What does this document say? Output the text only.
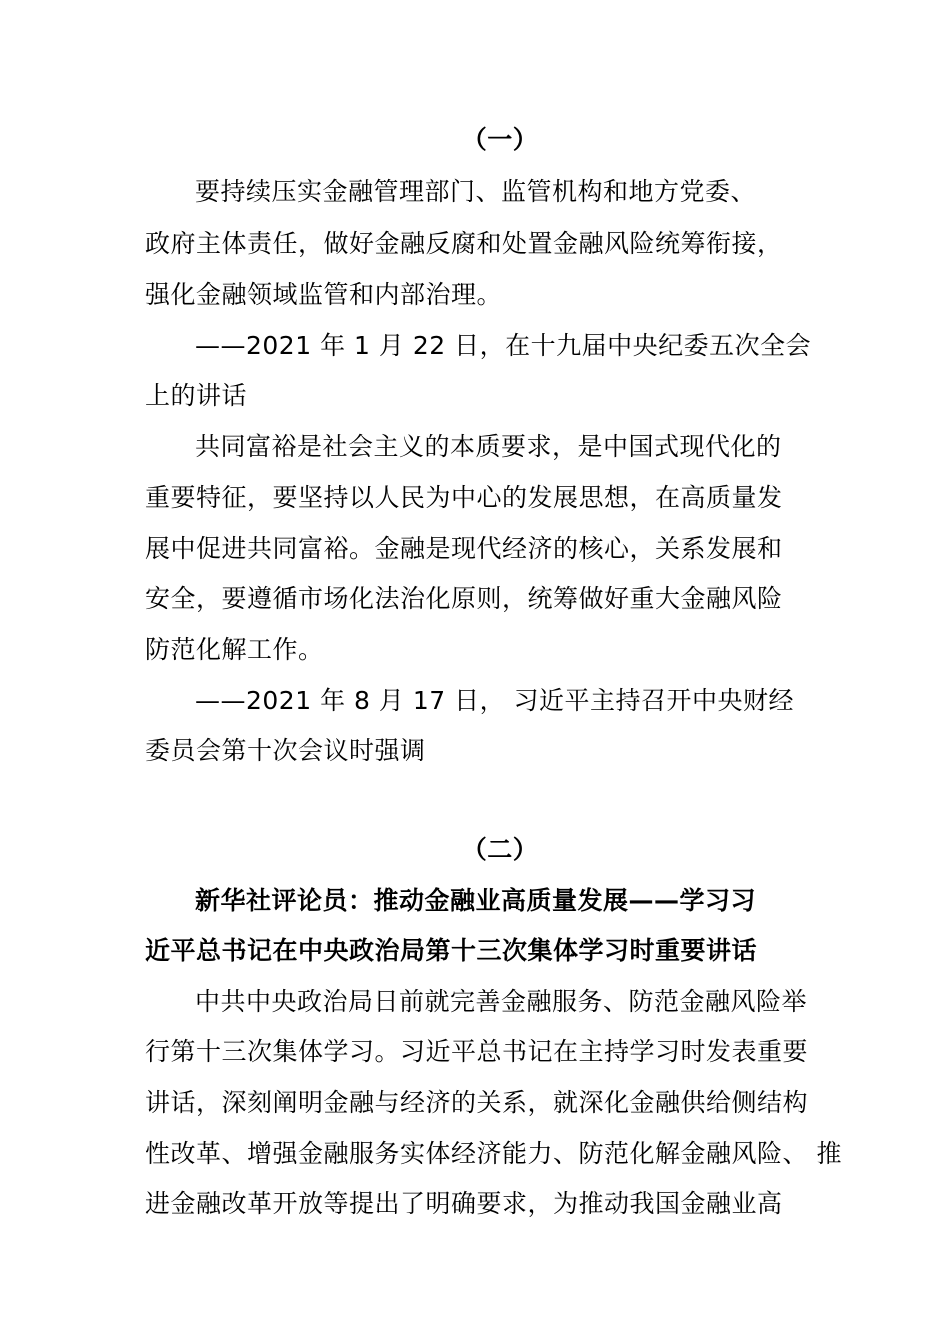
（一）
要持续压实金融管理部门、监管机构和地方党委、
政府主体责任，做好金融反腐和处置金融风险统筹衔接，
强化金融领域监管和内部治理。
——2021 年 1 月 22 日，在十九届中央纪委五次全会
上的讲话
共同富裕是社会主义的本质要求，是中国式现代化的
重要特征，要坚持以人民为中心的发展思想，在高质量发
展中促进共同富裕。金融是现代经济的核心，关系发展和
安全，要遵循市场化法治化原则，统筹做好重大金融风险
防范化解工作。
——2021 年 8 月 17 日， 习近平主持召开中央财经
委员会第十次会议时强调
（二）
新华社评论员：推动金融业高质量发展——学习习
近平总书记在中央政治局第十三次集体学习时重要讲话
中共中央政治局日前就完善金融服务、防范金融风险举
行第十三次集体学习。习近平总书记在主持学习时发表重要
讲话，深刻阐明金融与经济的关系，就深化金融供给侧结构
性改革、增强金融服务实体经济能力、防范化解金融风险、 推
进金融改革开放等提出了明确要求，为推动我国金融业高
